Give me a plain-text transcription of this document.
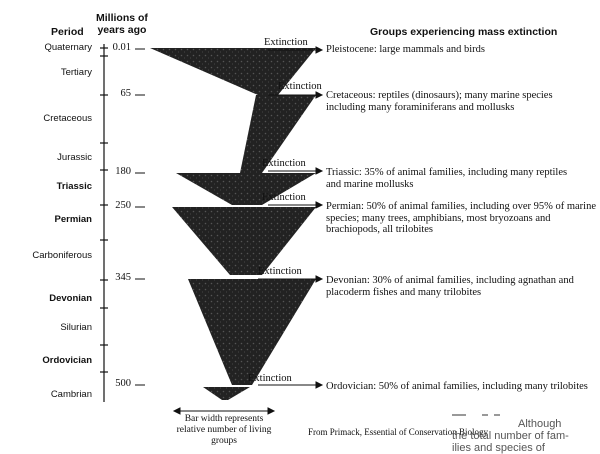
Period
Millions of
years ago	Groups experiencing mass extinction
Quaternary
Tertiary
Cretaceous
Jurassic
Triassic
Permian
Carboniferous
Devonian
Silurian
Ordovician
Cambrian
0.01
65
180
250
345
500
Extinction
Extinction
Extinction
Extinction
Extinction
Extinction
Pleistocene: large mammals and birds
Cretaceous: reptiles (dinosaurs); many marine species including many foraminiferans and mollusks
Triassic: 35% of animal families, including many reptiles and marine mollusks
Permian: 50% of animal families, including over 95% of marine species; many trees, amphibians, most bryozoans and brachiopods, all trilobites
Devonian: 30% of animal families, including agnathan and placoderm fishes and many trilobites
Ordovician: 50% of animal families, including many trilobites
Bar width represents relative number of living groups
From Primack, Essential of Conservation Biology
Although
the total number of fam-
ilies and species of
